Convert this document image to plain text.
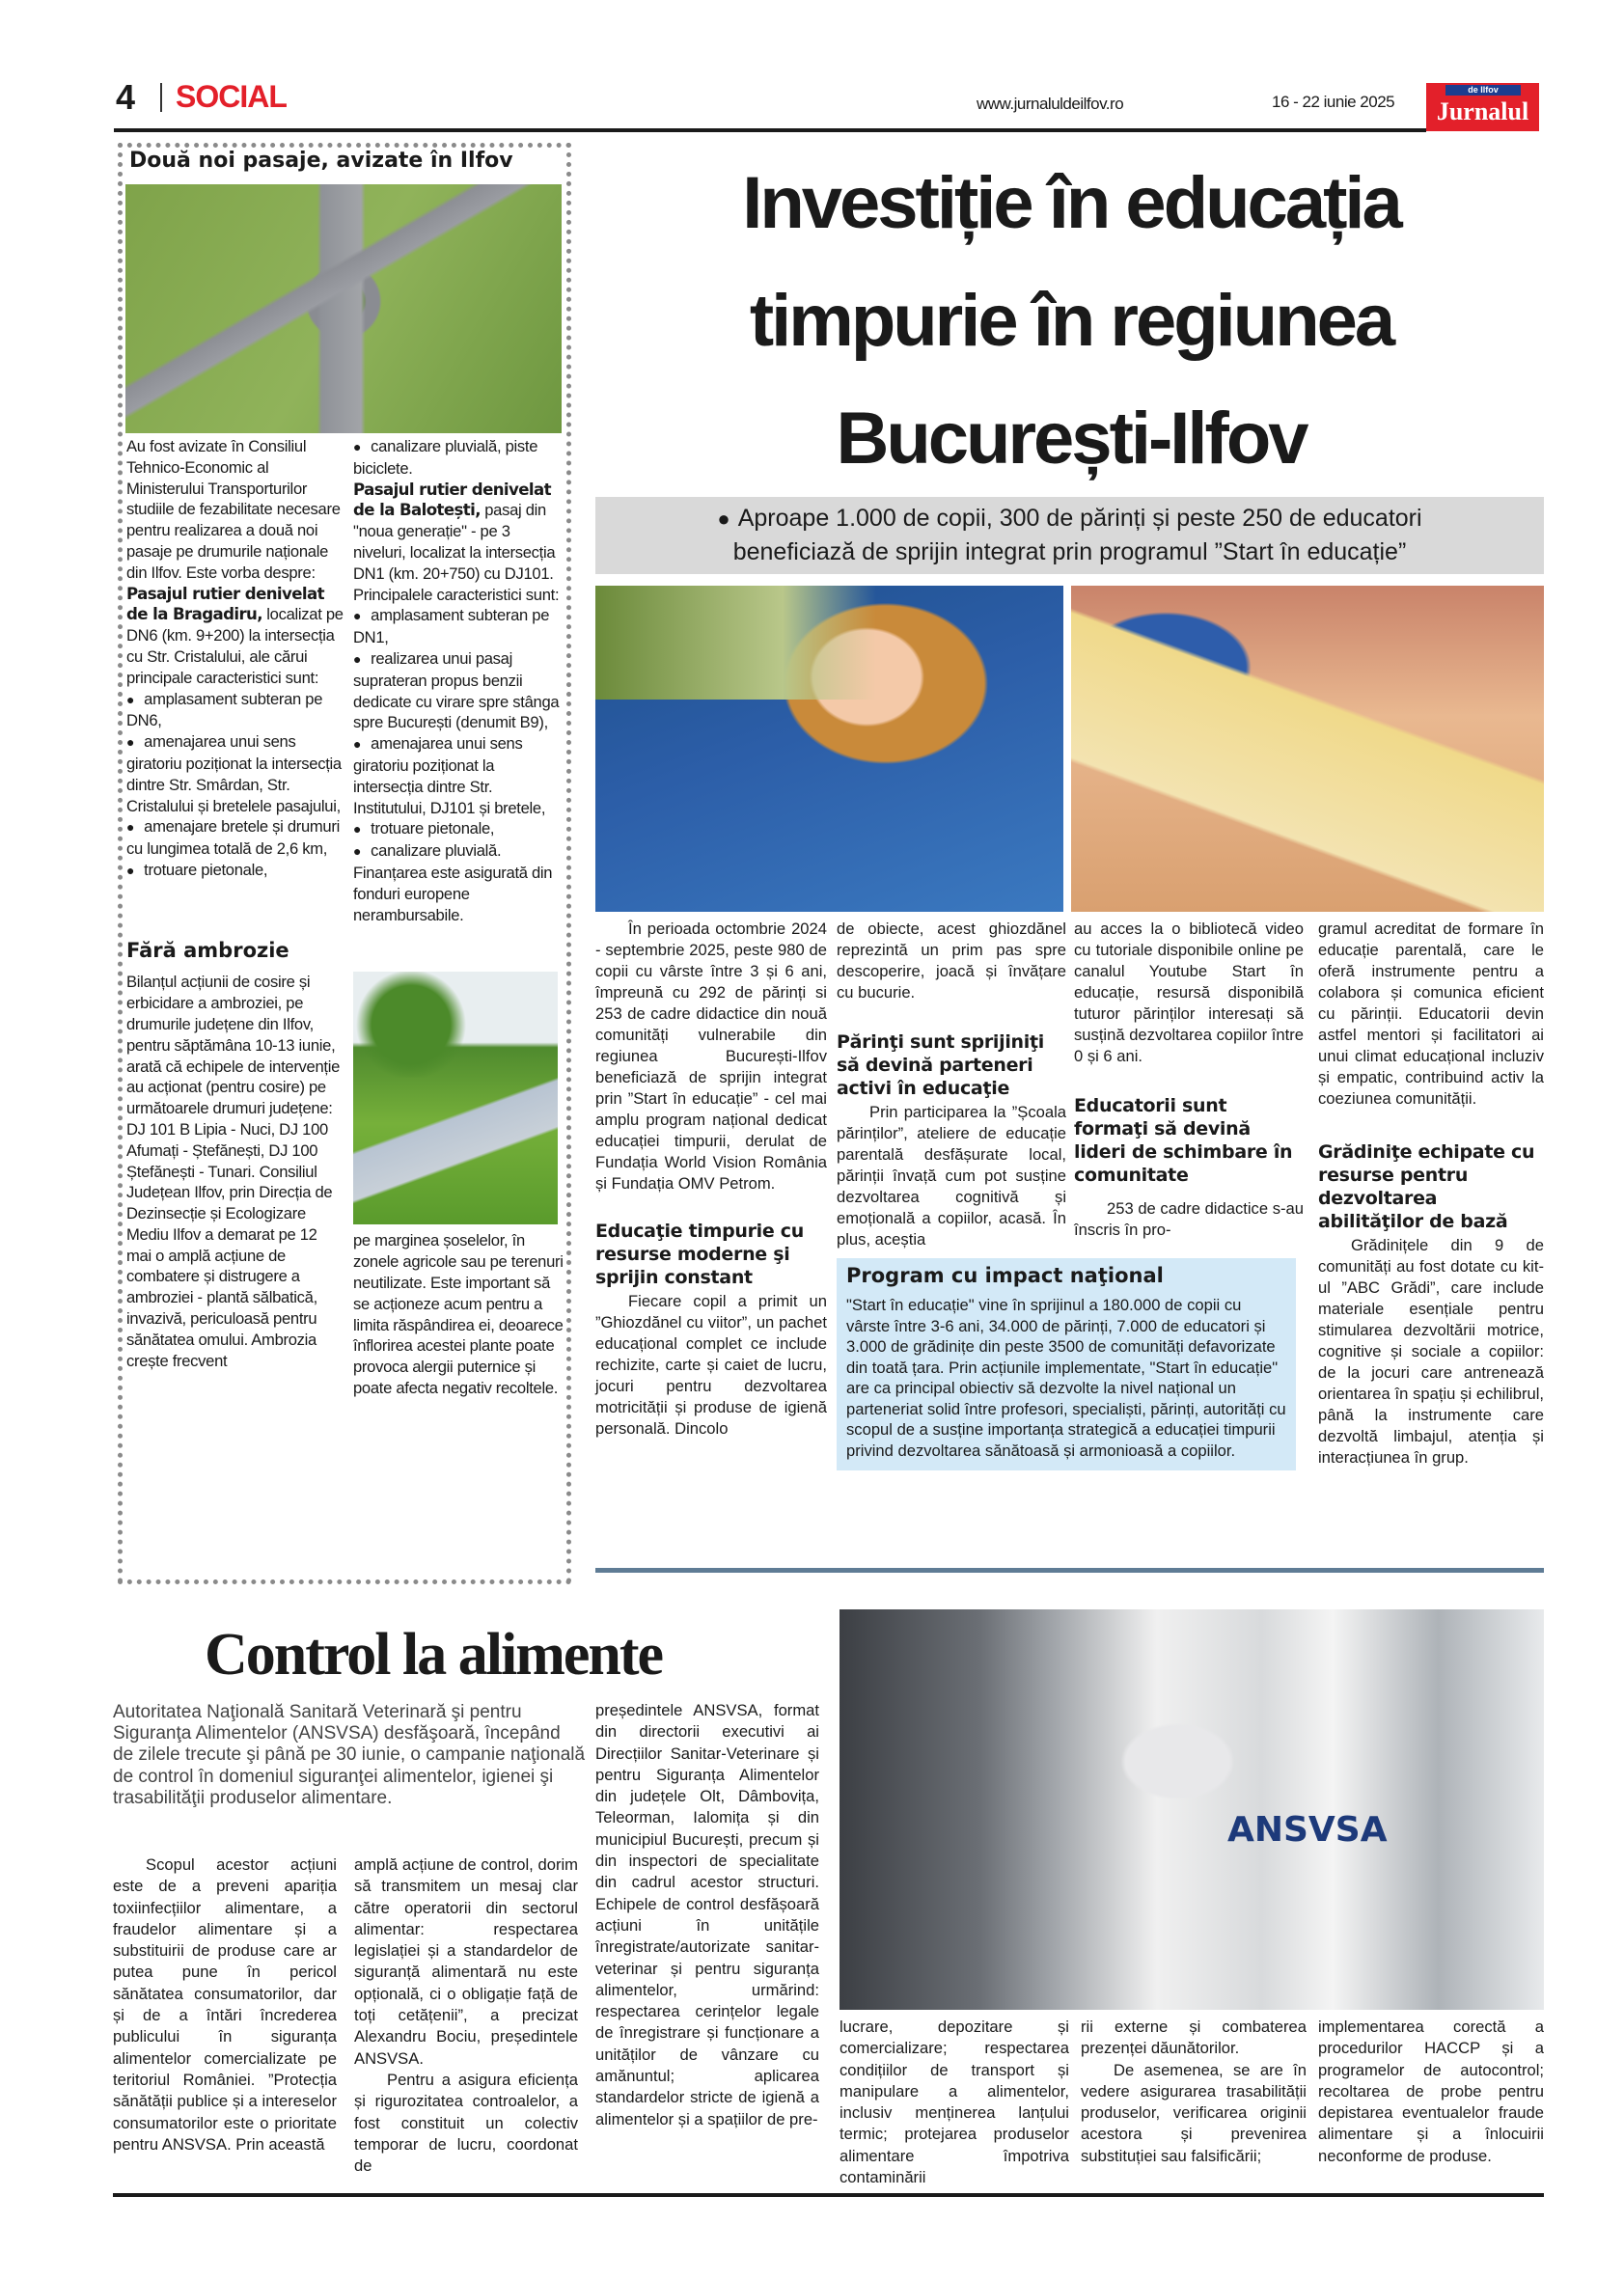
4 SOCIAL	www.jurnaluldeilfov.ro	16 - 22 iunie 2025
de Ilfov
Jurnalul
Două noi pasaje, avizate în Ilfov

Au fost avizate în Consiliul Tehnico-Economic al Ministerului Transporturilor studiile de fezabilitate necesare pentru realizarea a două noi pasaje pe drumurile naționale din Ilfov. Este vorba despre:

Pasajul rutier denivelat de la Bragadiru, localizat pe DN6 (km. 9+200) la intersecția cu Str. Cristalului, ale cărui principale caracteristici sunt:

● amplasament subteran pe DN6,

● amenajarea unui sens giratoriu poziționat la intersecția dintre Str. Smârdan, Str. Cristalului și bretelele pasajului,

● amenajare bretele și drumuri cu lungimea totală de 2,6 km,

● trotuare pietonale,

● canalizare pluvială, piste biciclete.

Pasajul rutier denivelat de la Balotești, pasaj din "noua generație" - pe 3 niveluri, localizat la intersecția DN1 (km. 20+750) cu DJ101. Principalele caracteristici sunt:

● amplasament subteran pe DN1,

● realizarea unui pasaj suprateran propus benzii dedicate cu virare spre stânga spre București (denumit B9),

● amenajarea unui sens giratoriu poziționat la intersecția dintre Str. Institutului, DJ101 și bretele,

● trotuare pietonale,

● canalizare pluvială.

Finanțarea este asigurată din fonduri europene nerambursabile.

Fără ambrozie
Bilanțul acțiunii de cosire și erbicidare a ambroziei, pe drumurile județene din Ilfov, pentru săptămâna 10-13 iunie, arată că echipele de intervenție au acționat (pentru cosire) pe următoarele drumuri județene: DJ 101 B Lipia - Nuci, DJ 100 Afumați - Ștefănești, DJ 100 Ștefănești - Tunari. Consiliul Județean Ilfov, prin Direcția de Dezinsecție și Ecologizare Mediu Ilfov a demarat pe 12 mai o amplă acțiune de combatere și distrugere a ambroziei - plantă sălbatică, invazivă, periculoasă pentru sănătatea omului. Ambrozia crește frecvent
pe marginea șoselelor, în zonele agricole sau pe terenuri neutilizate. Este important să se acționeze acum pentru a limita răspândirea ei, deoarece înflorirea acestei plante poate provoca alergii puternice și poate afecta negativ recoltele.
Investiție în educația
timpurie în regiunea
București-Ilfov
● Aproape 1.000 de copii, 300 de părinți și peste 250 de educatori
beneficiază de sprijin integrat prin programul ”Start în educație”

În perioada octombrie 2024 - septembrie 2025, peste 980 de copii cu vârste între 3 și 6 ani, împreună cu 292 de părinți si 253 de cadre didactice din nouă comunități vulnerabile din regiunea București-Ilfov beneficiază de sprijin integrat prin ”Start în educație” - cel mai amplu program național dedicat educației timpurii, derulat de Fundația World Vision România și Fundația OMV Petrom.

Educaţie timpurie cu resurse moderne şi sprijin constant

Fiecare copil a primit un ”Ghiozdănel cu viitor”, un pachet educațional complet ce include rechizite, carte și caiet de lucru, jocuri pentru dezvoltarea motricității și produse de igienă personală. Dincolo

de obiecte, acest ghiozdănel reprezintă un prim pas spre descoperire, joacă și învățare cu bucurie.

Părinţi sunt sprijiniţi să devină parteneri activi în educaţie

Prin participarea la ”Școala părinților”, ateliere de educație parentală desfășurate local, părinții învață cum pot susține dezvoltarea cognitivă și emoțională a copiilor, acasă. În plus, aceștia

au acces la o bibliotecă video cu tutoriale disponibile online pe canalul Youtube Start în educație, resursă disponibilă tuturor părinților interesați să susțină dezvoltarea copiilor între 0 și 6 ani.

Educatorii sunt formaţi să devină lideri de schimbare în comunitate

253 de cadre didactice s-au înscris în pro-

Program cu impact naţional

"Start în educație" vine în sprijinul a 180.000 de copii cu vârste între 3-6 ani, 34.000 de părinți, 7.000 de educatori și 3.000 de grădinițe din peste 3500 de comunități defavorizate din toată țara. Prin acțiunile implementate, "Start în educație" are ca principal obiectiv să dezvolte la nivel național un parteneriat solid între profesori, specialiști, părinți, autorități cu scopul de a susține importanța strategică a educației timpurii privind dezvoltarea sănătoasă și armonioasă a copiilor.

gramul acreditat de formare în educație parentală, care le oferă instrumente pentru a colabora și comunica eficient cu părinții. Educatorii devin astfel mentori și facilitatori ai unui climat educațional incluziv și empatic, contribuind activ la coeziunea comunității.

Grădiniţe echipate cu resurse pentru dezvoltarea abilităţilor de bază

Grădinițele din 9 de comunități au fost dotate cu kit-ul ”ABC Grădi”, care include materiale esențiale pentru stimularea dezvoltării motrice, cognitive și sociale a copiilor: de la jocuri care antrenează orientarea în spațiu și echilibrul, până la instrumente care dezvoltă limbajul, atenția și interacțiunea în grup.

Control la alimente
Autoritatea Naţională Sanitară Veterinară şi pentru Siguranţa Alimentelor (ANSVSA) desfăşoară, începând de zilele trecute şi până pe 30 iunie, o campanie naţională de control în domeniul siguranţei alimentelor, igienei şi trasabilităţii produselor alimentare.

Scopul acestor acțiuni este de a preveni apariția toxiinfecțiilor alimentare, a fraudelor alimentare și a substituirii de produse care ar putea pune în pericol sănătatea consumatorilor, dar și de a întări încrederea publicului în siguranța alimentelor comercializate pe teritoriul României. ”Protecția sănătății publice și a intereselor consumatorilor este o prioritate pentru ANSVSA. Prin această

amplă acțiune de control, dorim să transmitem un mesaj clar către operatorii din sectorul alimentar: respectarea legislației și a standardelor de siguranță alimentară nu este opțională, ci o obligație față de toți cetățenii”, a precizat Alexandru Bociu, președintele ANSVSA.

Pentru a asigura eficiența și rigurozitatea controalelor, a fost constituit un colectiv temporar de lucru, coordonat de

președintele ANSVSA, format din directorii executivi ai Direcțiilor Sanitar-Veterinare și pentru Siguranța Alimentelor din județele Olt, Dâmbovița, Teleorman, Ialomița și din municipiul București, precum și din inspectori de specialitate din cadrul acestor structuri. Echipele de control desfășoară acțiuni în unitățile înregistrate/autorizate sanitar-veterinar și pentru siguranța alimentelor, urmărind: respectarea cerințelor legale de înregistrare și funcționare a unităților de vânzare cu amănuntul; aplicarea standardelor stricte de igienă a alimentelor și a spațiilor de pre-

ANSVSA

lucrare, depozitare și comercializare; respectarea condițiilor de transport și manipulare a alimentelor, inclusiv menținerea lanțului termic; protejarea produselor alimentare împotriva contaminării

rii externe și combaterea prezenței dăunătorilor.

De asemenea, se are în vedere asigurarea trasabilității produselor, verificarea originii acestora și prevenirea substituției sau falsificării;

implementarea corectă a procedurilor HACCP și a programelor de autocontrol; recoltarea de probe pentru depistarea eventualelor fraude alimentare și a înlocuirii neconforme de produse.
